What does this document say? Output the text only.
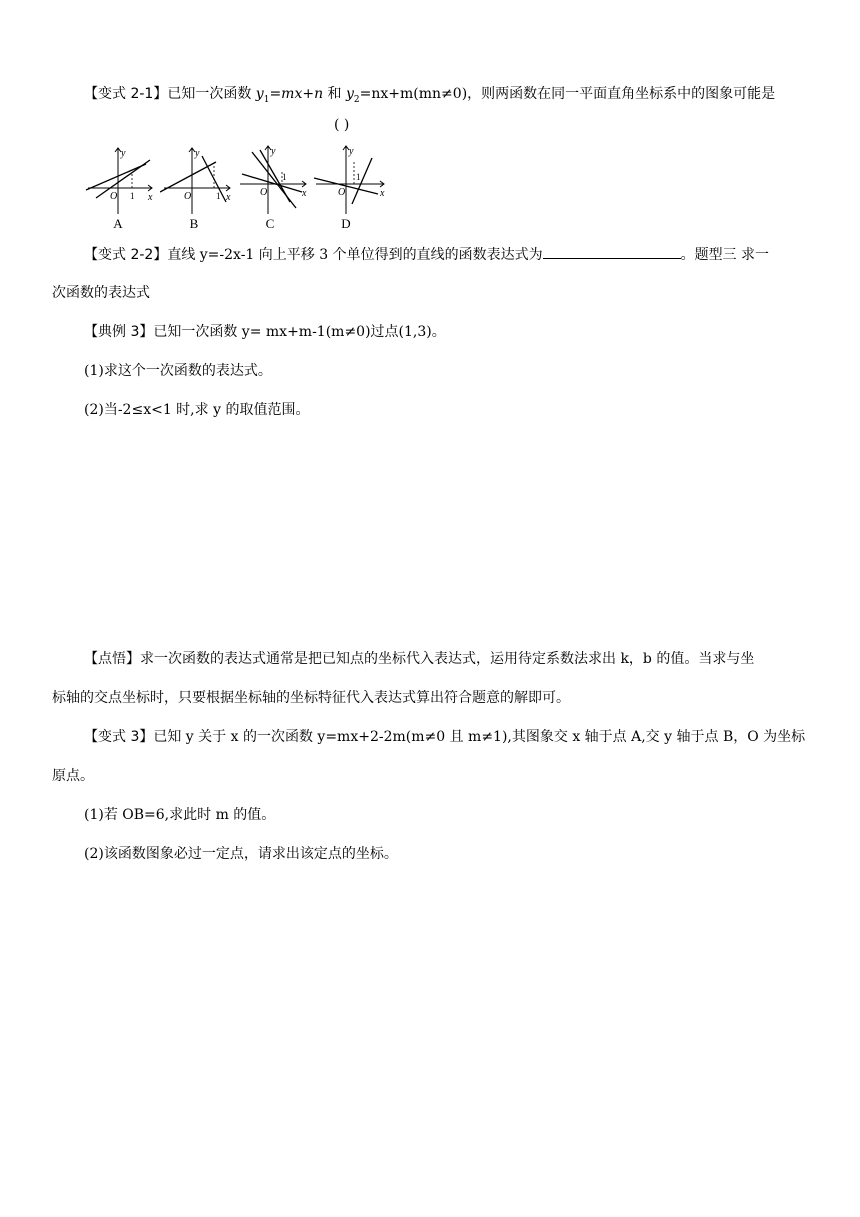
【变式 2-1】已知一次函数 $y_1=mx+n$ 和 $y_2=nx+m(mn\ne 0)$，则两函数在同一平面直角坐标系中的图象可能是
( )
y
x
O 1
A
y
x
O	1
B
y
x
O
1
C
y
x
O
1
D
【变式 2-2】直线 y=-2x-1 向上平移 3 个单位得到的直线的函数表达式为	。题型三 求一
次函数的表达式
【典例 3】已知一次函数 y= mx+m-1(m≠0)过点(1,3)。
(1)求这个一次函数的表达式。
(2)当-2≤x<1 时,求 y 的取值范围。
【点悟】求一次函数的表达式通常是把已知点的坐标代入表达式，运用待定系数法求出 k，b 的值。当求与坐
标轴的交点坐标时，只要根据坐标轴的坐标特征代入表达式算出符合题意的解即可。
【变式 3】已知 y 关于 x 的一次函数 y=mx+2-2m(m≠0 且 m≠1),其图象交 x 轴于点 A,交 y 轴于点 B，O 为坐标
原点。
(1)若 OB=6,求此时 m 的值。
(2)该函数图象必过一定点，请求出该定点的坐标。
